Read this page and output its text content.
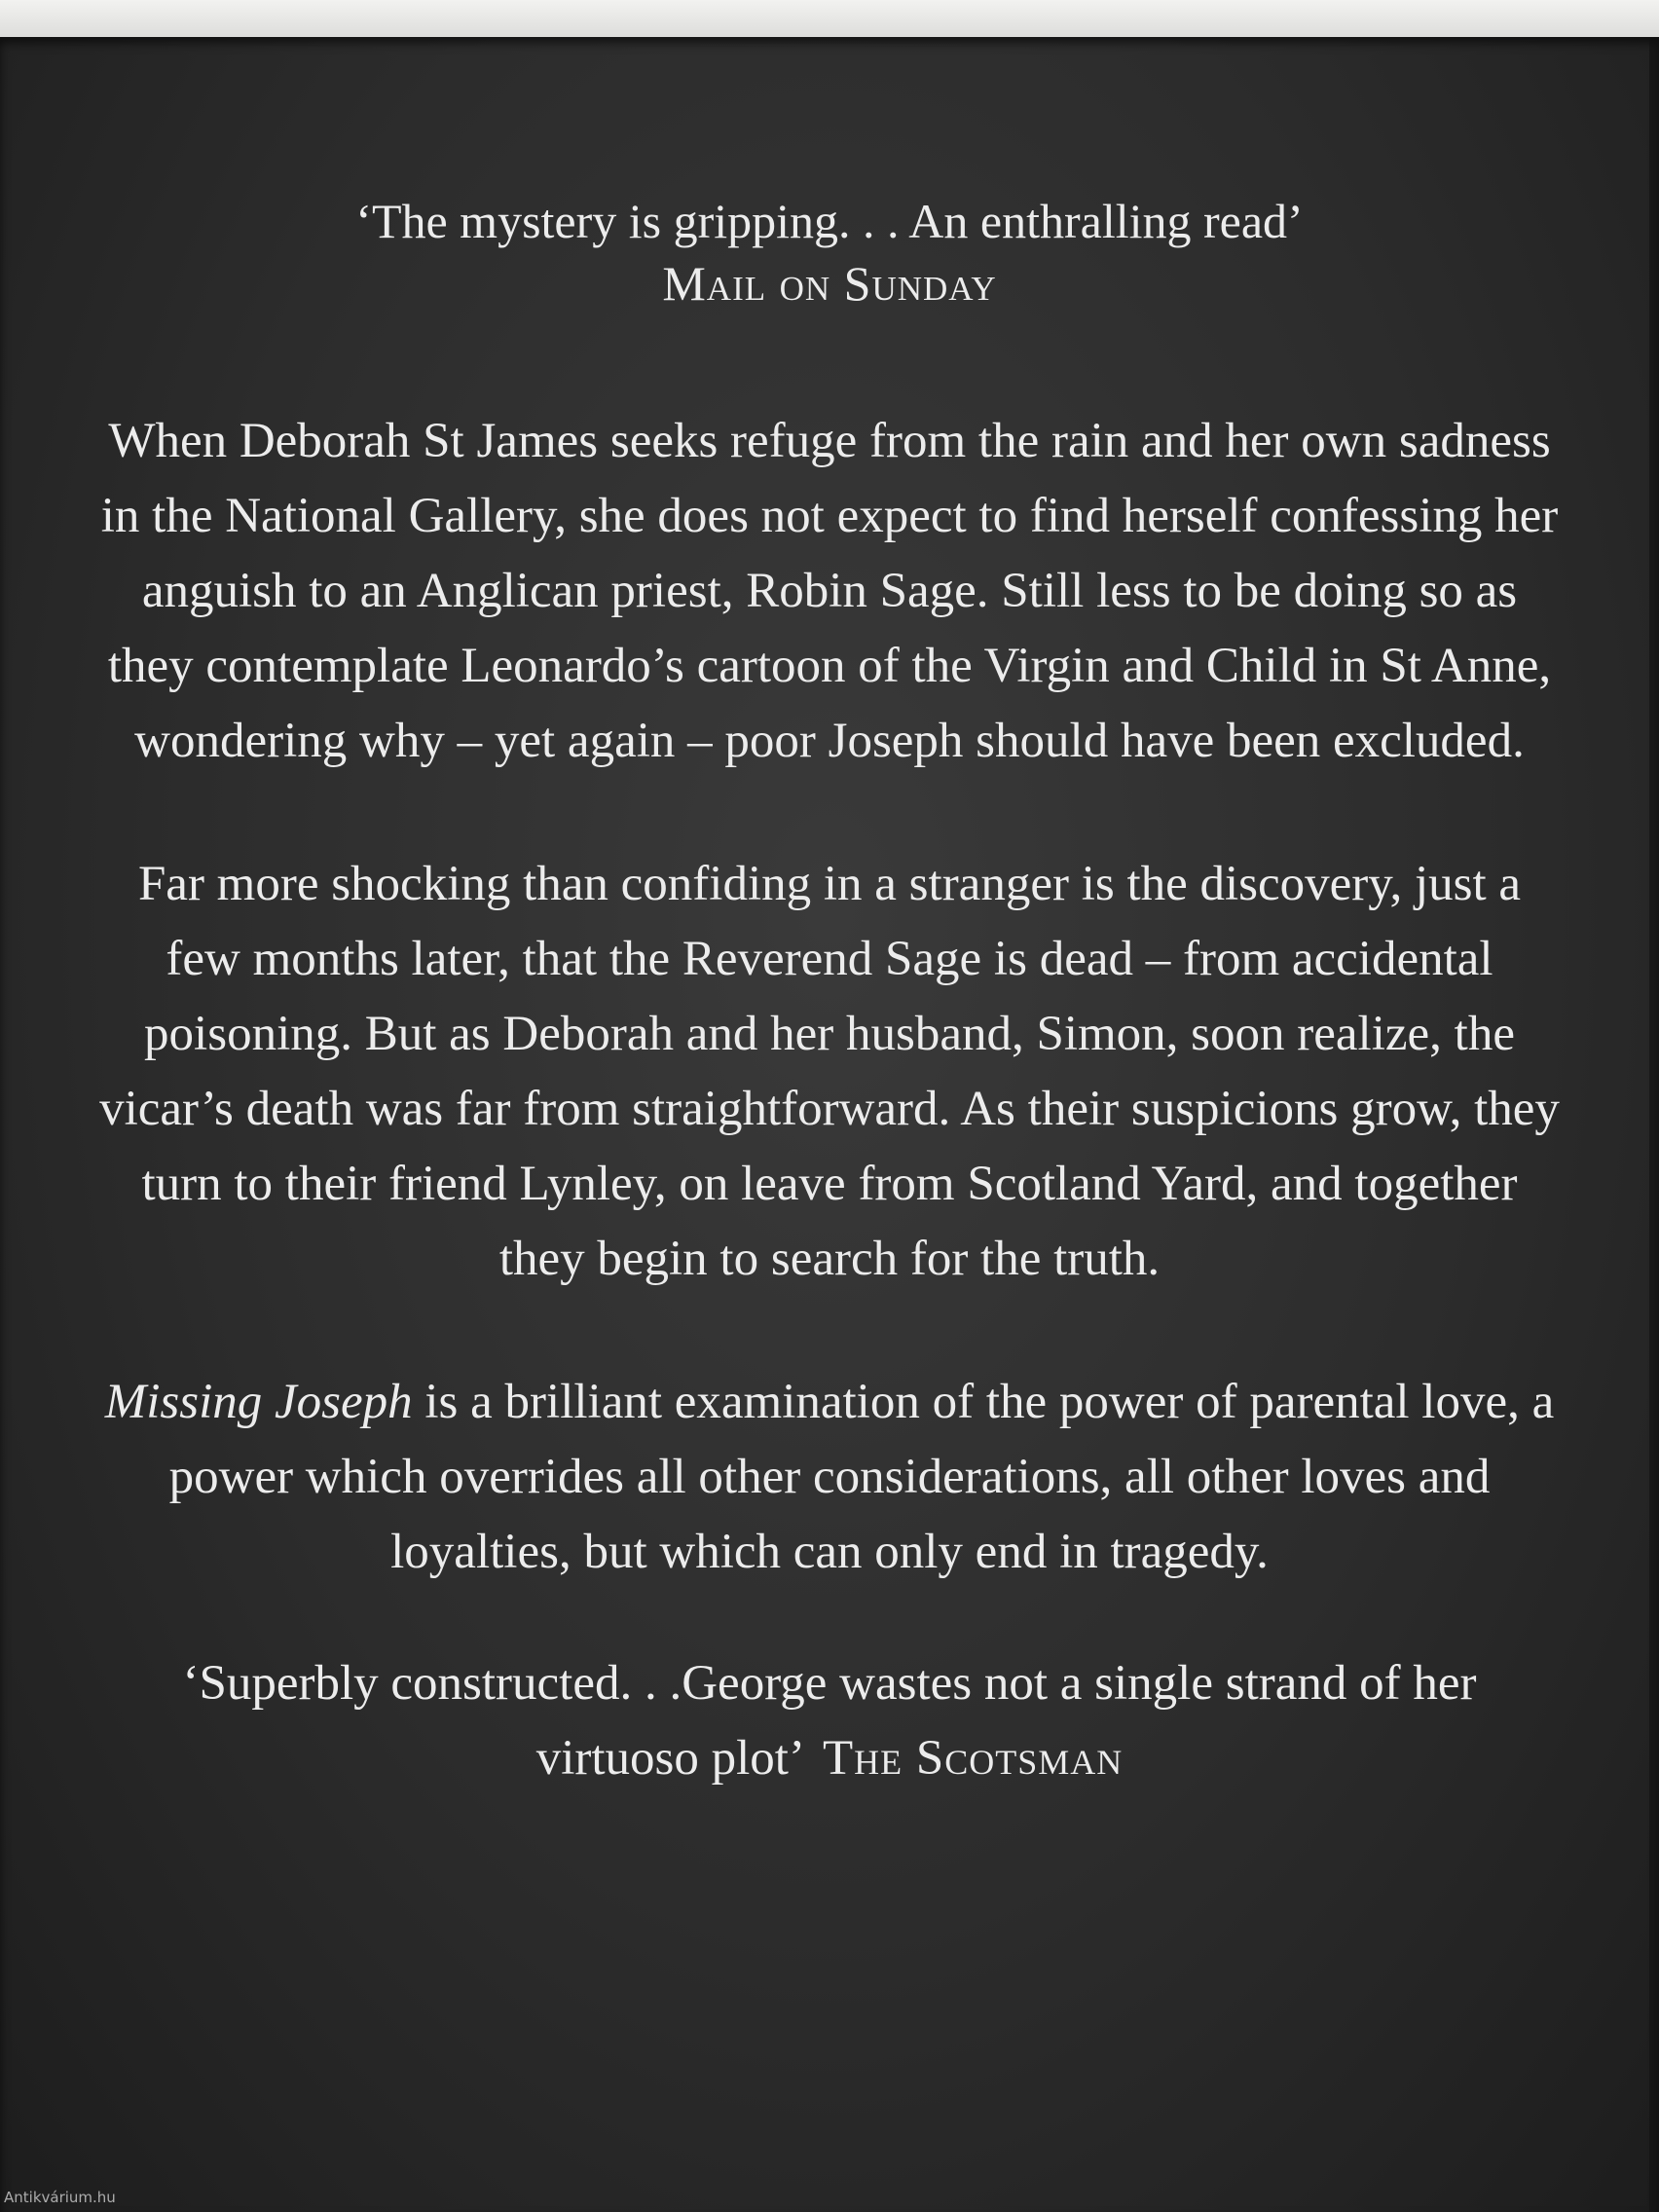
‘The mystery is gripping. . . An enthralling read’

Mail on Sunday

When Deborah St James seeks refuge from the rain and her own sadness in the National Gallery, she does not expect to find herself confessing her anguish to an Anglican priest, Robin Sage. Still less to be doing so as they contemplate Leonardo’s cartoon of the Virgin and Child in St Anne, wondering why – yet again – poor Joseph should have been excluded.

Far more shocking than confiding in a stranger is the discovery, just a few months later, that the Reverend Sage is dead – from accidental poisoning. But as Deborah and her husband, Simon, soon realize, the vicar’s death was far from straightforward. As their suspicions grow, they turn to their friend Lynley, on leave from Scotland Yard, and together they begin to search for the truth.

Missing Joseph is a brilliant examination of the power of parental love, a power which overrides all other considerations, all other loves and loyalties, but which can only end in tragedy.

‘Superbly constructed. . .George wastes not a single strand of her virtuoso plot’ The Scotsman

Antikvárium.hu
